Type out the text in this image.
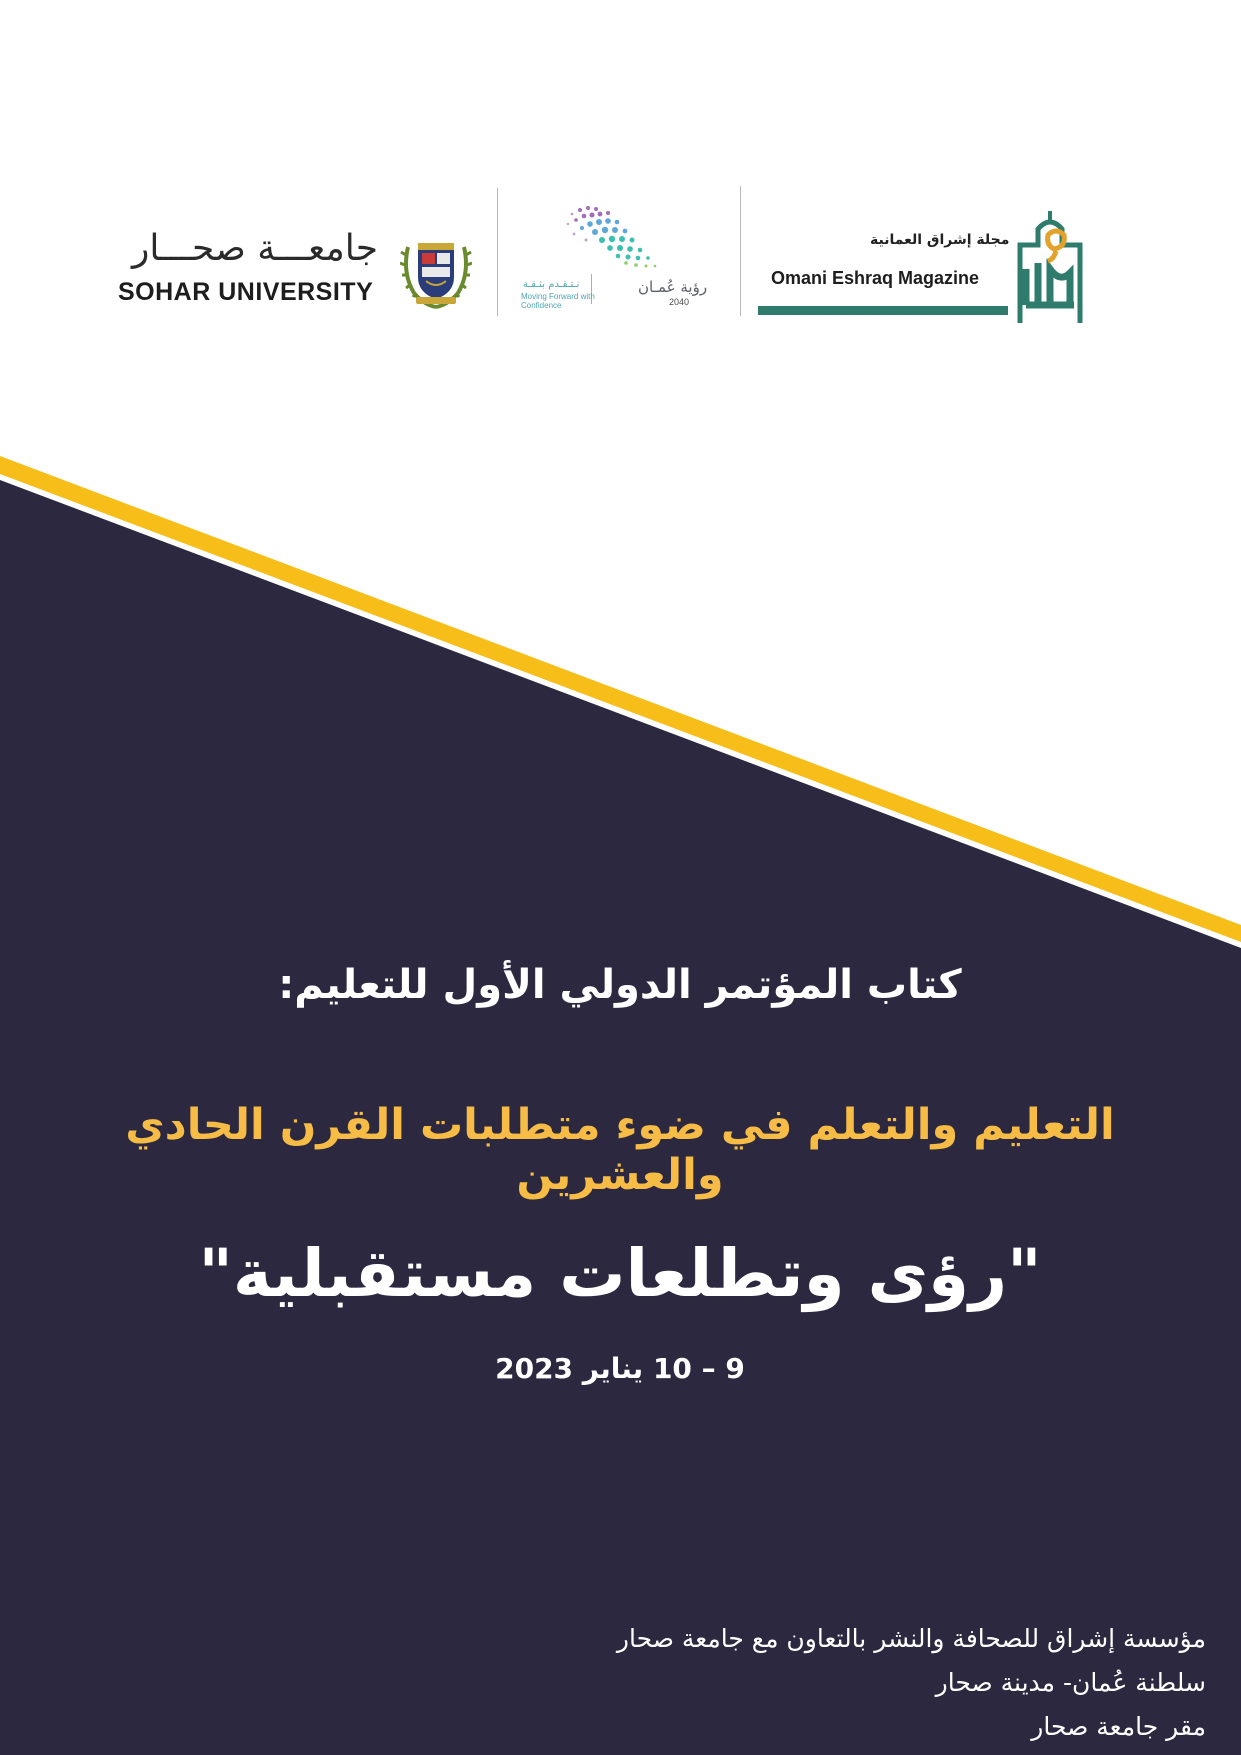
جامعـــة صحـــار
SOHAR UNIVERSITY	رؤية عُمـان
2040
نـتـقـدم بثـقـة
Moving Forward with Confidence
مجلة إشراق العمانية
Omani Eshraq Magazine
كتاب المؤتمر الدولي الأول للتعليم:
التعليم والتعلم في ضوء متطلبات القرن الحادي والعشرين
"رؤى وتطلعات مستقبلية"
9 – 10 يناير 2023
مؤسسة إشراق للصحافة والنشر بالتعاون مع جامعة صحار
سلطنة عُمان- مدينة صحار
مقر جامعة صحار
